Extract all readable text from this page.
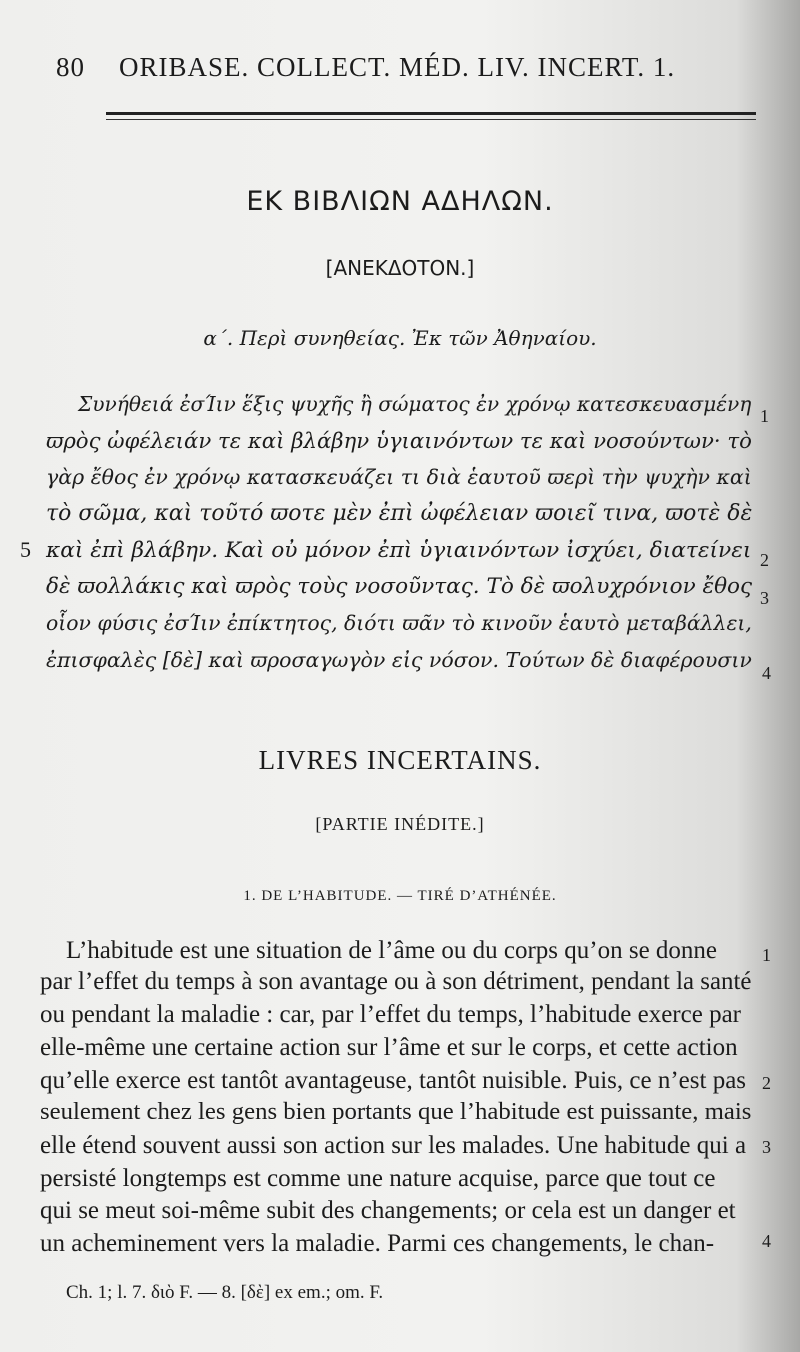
80 ORIBASE. COLLECT. MÉD. LIV. INCERT. 1.
ΕΚ ΒΙΒΛΙΩΝ ΑΔΗΛΩΝ.
[ΑΝΕΚΔΟΤΟΝ.]
α΄. Περὶ συνηθείας. Ἐκ τῶν Ἀθηναίου.
Συνήθειά ἐσΊιν ἕξις ψυχῆς ἢ σώματος ἐν χρόνῳ κατεσκευασμένη
ϖρὸς ὠφέλειάν τε καὶ βλάβην ὑγιαινόντων τε καὶ νοσούντων· τὸ
γὰρ ἔθος ἐν χρόνῳ κατασκευάζει τι διὰ ἑαυτοῦ ϖερὶ τὴν ψυχὴν καὶ
τὸ σῶμα, καὶ τοῦτό ϖοτε μὲν ἐπὶ ὠφέλειαν ϖοιεῖ τινα, ϖοτὲ δὲ
καὶ ἐπὶ βλάβην. Καὶ οὐ μόνον ἐπὶ ὑγιαινόντων ἰσχύει, διατείνει
δὲ ϖολλάκις καὶ ϖρὸς τοὺς νοσοῦντας. Τὸ δὲ ϖολυχρόνιον ἔθος
οἷον φύσις ἐσΊιν ἐπίκτητος, διότι ϖᾶν τὸ κινοῦν ἑαυτὸ μεταβάλλει,
ἐπισφαλὲς [δὲ] καὶ ϖροσαγωγὸν εἰς νόσον. Τούτων δὲ διαφέρουσιν
5
1
2
3
4
LIVRES INCERTAINS.
[PARTIE INÉDITE.]
1. DE L’HABITUDE. — TIRÉ D’ATHÉNÉE.
L’habitude est une situation de l’âme ou du corps qu’on se donne
par l’effet du temps à son avantage ou à son détriment, pendant la santé
ou pendant la maladie : car, par l’effet du temps, l’habitude exerce par
elle-même une certaine action sur l’âme et sur le corps, et cette action
qu’elle exerce est tantôt avantageuse, tantôt nuisible. Puis, ce n’est pas
seulement chez les gens bien portants que l’habitude est puissante, mais
elle étend souvent aussi son action sur les malades. Une habitude qui a
persisté longtemps est comme une nature acquise, parce que tout ce
qui se meut soi-même subit des changements; or cela est un danger et
un acheminement vers la maladie. Parmi ces changements, le chan-
1
2
3
4
Ch. 1; l. 7. διὸ F. — 8. [δὲ] ex em.; om. F.
